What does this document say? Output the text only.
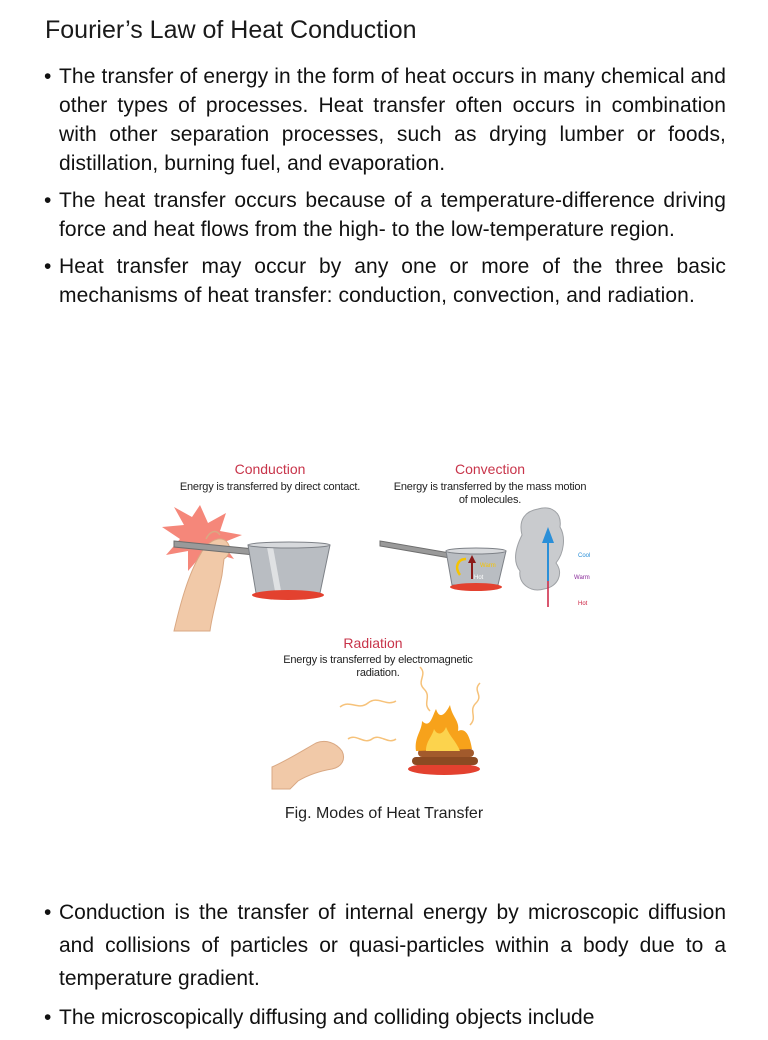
Fourier’s Law of Heat Conduction
• The transfer of energy in the form of heat occurs in many chemical and other types of processes. Heat transfer often occurs in combination with other separation processes, such as drying lumber or foods, distillation, burning fuel, and evaporation.
• The heat transfer occurs because of a temperature-difference driving force and heat flows from the high- to the low-temperature region.
• Heat transfer may occur by any one or more of the three basic mechanisms of heat transfer: conduction, convection, and radiation.
Conduction
Energy is transferred by direct contact.
Convection
Energy is transferred by the mass motion of molecules.
Radiation
Energy is transferred by electromagnetic radiation.
Warm
Hot
Cool
Warm
Hot
Fig. Modes of Heat Transfer
• Conduction is the transfer of internal energy by microscopic diffusion and collisions of particles or quasi-particles within a body due to a temperature gradient.
• The microscopically diffusing and colliding objects include
